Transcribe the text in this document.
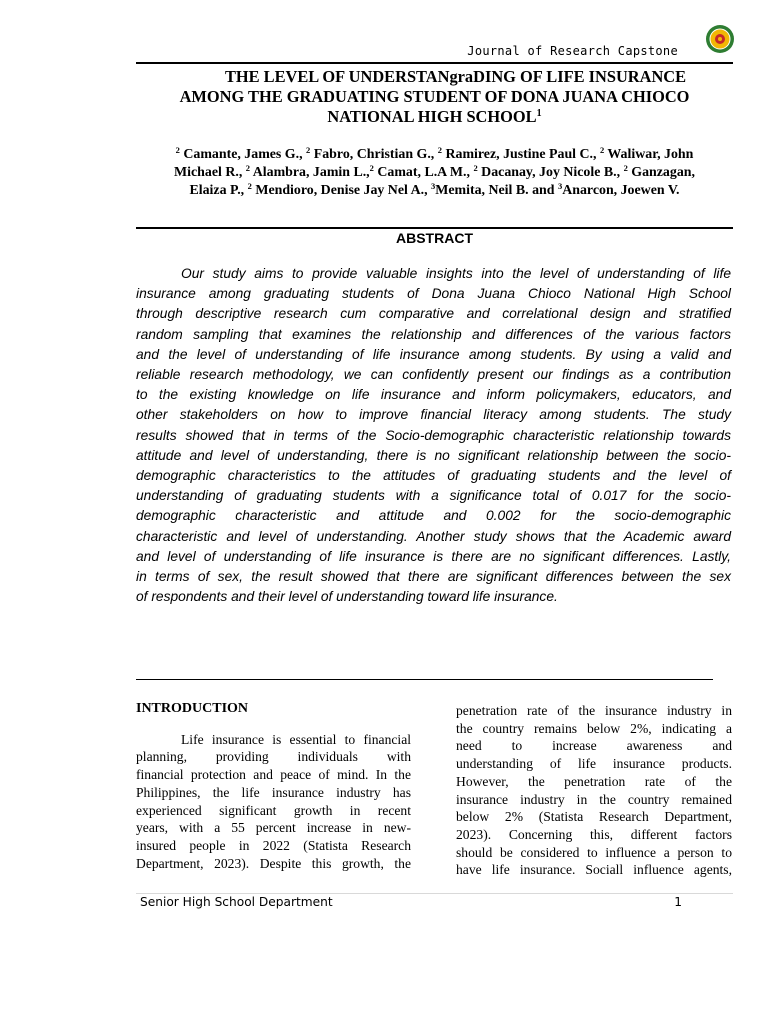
Journal of Research Capstone
THE LEVEL OF UNDERSTANgraDING OF LIFE INSURANCE
AMONG THE GRADUATING STUDENT OF DONA JUANA CHIOCO
NATIONAL HIGH SCHOOL$^1$
$^2$ Camante, James G., $^2$ Fabro, Christian G., $^2$ Ramirez, Justine Paul C., $^2$ Waliwar, John
Michael R., $^2$ Alambra, Jamin L.,$^2$ Camat, L.A M., $^2$ Dacanay, Joy Nicole B., $^2$ Ganzagan,
Elaiza P., $^2$ Mendioro, Denise Jay Nel A., $^3$Memita, Neil B. and $^3$Anarcon, Joewen V.
ABSTRACT
Our study aims to provide valuable insights into the level of understanding of life
insurance among graduating students of Dona Juana Chioco National High School
through descriptive research cum comparative and correlational design and stratified
random sampling that examines the relationship and differences of the various factors
and the level of understanding of life insurance among students. By using a valid and
reliable research methodology, we can confidently present our findings as a contribution
to the existing knowledge on life insurance and inform policymakers, educators, and
other stakeholders on how to improve financial literacy among students. The study
results showed that in terms of the Socio-demographic characteristic relationship towards
attitude and level of understanding, there is no significant relationship between the socio-
demographic characteristics to the attitudes of graduating students and the level of
understanding of graduating students with a significance total of 0.017 for the socio-
demographic characteristic and attitude and 0.002 for the socio-demographic
characteristic and level of understanding. Another study shows that the Academic award
and level of understanding of life insurance is there are no significant differences. Lastly,
in terms of sex, the result showed that there are significant differences between the sex
of respondents and their level of understanding toward life insurance.
INTRODUCTION
Life insurance is essential to financial
planning, providing individuals with
financial protection and peace of mind. In the
Philippines, the life insurance industry has
experienced significant growth in recent
years, with a 55 percent increase in new-
insured people in 2022 (Statista Research
Department, 2023). Despite this growth, the
penetration rate of the insurance industry in
the country remains below 2%, indicating a
need to increase awareness and
understanding of life insurance products.
However, the penetration rate of the
insurance industry in the country remained
below 2% (Statista Research Department,
2023). Concerning this, different factors
should be considered to influence a person to
have life insurance. Sociall influence agents,
Senior High School Department	1
